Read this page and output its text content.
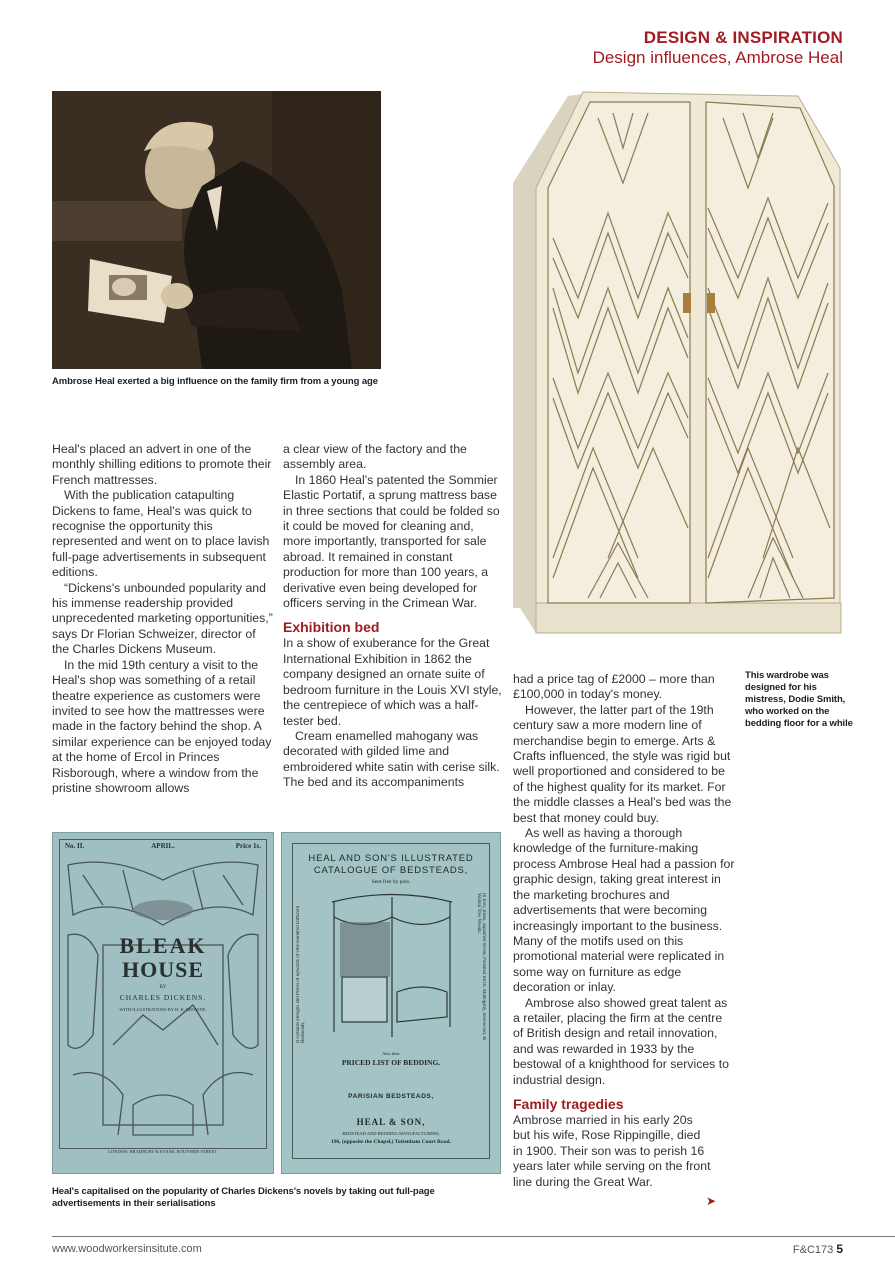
DESIGN & INSPIRATION
Design influences, Ambrose Heal
Ambrose Heal exerted a big influence on the family firm from a young age
This wardrobe was designed for his mistress, Dodie Smith, who worked on the bedding floor for a while

Heal's placed an advert in one of the monthly shilling editions to promote their French mattresses.

With the publication catapulting Dickens to fame, Heal's was quick to recognise the opportunity this represented and went on to place lavish full-page advertisements in subsequent editions.

“Dickens's unbounded popularity and his immense readership provided unprecedented marketing opportunities,” says Dr Florian Schweizer, director of the Charles Dickens Museum.

In the mid 19th century a visit to the Heal's shop was something of a retail theatre experience as customers were invited to see how the mattresses were made in the factory behind the shop. A similar experience can be enjoyed today at the home of Ercol in Princes Risborough, where a window from the pristine showroom allows

a clear view of the factory and the assembly area.

In 1860 Heal's patented the Sommier Elastic Portatif, a sprung mattress base in three sections that could be folded so it could be moved for cleaning and, more importantly, transported for sale abroad. It remained in constant production for more than 100 years, a derivative even being developed for officers serving in the Crimean War.

Exhibition bed

In a show of exuberance for the Great International Exhibition in 1862 the company designed an ornate suite of bedroom furniture in the Louis XVI style, the centrepiece of which was a half-tester bed.

Cream enamelled mahogany was decorated with gilded lime and embroidered white satin with cerise silk. The bed and its accompaniments

had a price tag of £2000 – more than £100,000 in today's money.

However, the latter part of the 19th century saw a more modern line of merchandise begin to emerge. Arts & Crafts influenced, the style was rigid but well proportioned and considered to be of the highest quality for its market. For the middle classes a Heal's bed was the best that money could buy.

As well as having a thorough knowledge of the furniture-making process Ambrose Heal had a passion for graphic design, taking great interest in the marketing brochures and advertisements that were becoming increasingly important to the business. Many of the motifs used on this promotional material were replicated in some way on furniture as edge decoration or inlay.

Ambrose also showed great talent as a retailer, placing the firm at the centre of British design and retail innovation, and was rewarded in 1933 by the bestowal of a knighthood for services to industrial design.

Family tragedies

Ambrose married in his early 20s but his wife, Rose Rippingille, died in 1900. Their son was to perish 16 years later while serving on the front line during the Great War.

➤
No. II.	APRIL.	Price 1s.
BLEAK
HOUSE
BY
CHARLES DICKENS.
WITH ILLUSTRATIONS BY H. K. BROWNE.
LONDON: BRADBURY & EVANS, BOUVERIE STREET.
HEAL AND SON'S ILLUSTRATED
CATALOGUE OF BEDSTEADS,
Sent free by post.
It contains Designs and Prices of upwards of One Hundred Different Bedsteads,	In Iron, Brass, Japanned Wood, Polished Birch, Mahogany, Rosewood, & Walnut Tree Woods;
Also their
PRICED LIST OF BEDDING.
PARISIAN BEDSTEADS,
HEAL & SON,
BEDSTEAD AND BEDDING MANUFACTURERS,
196, (opposite the Chapel,) Tottenham Court Road.
Heal's capitalised on the popularity of Charles Dickens's novels by taking out full-page advertisements in their serialisations
www.woodworkersinsitute.com	F&C173 5
